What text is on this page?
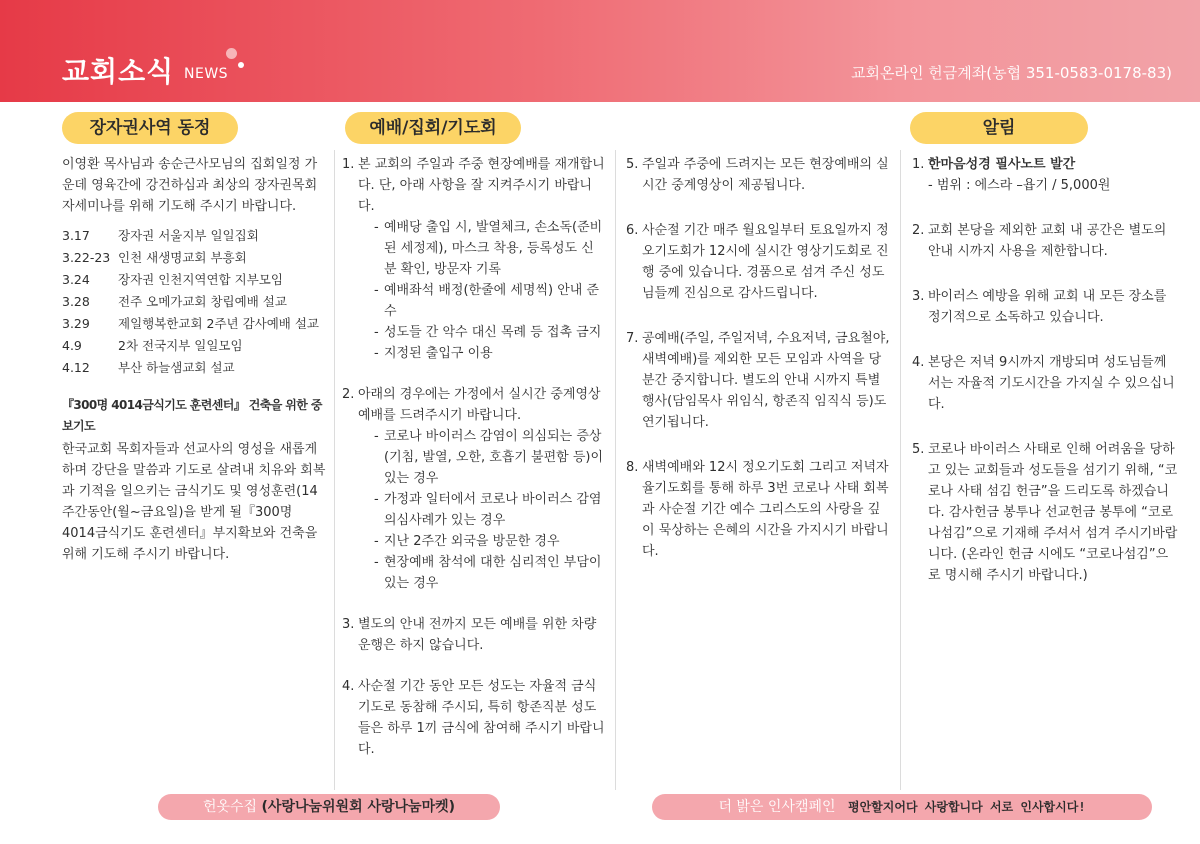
교회소식 NEWS	교회온라인 헌금계좌(농협 351-0583-0178-83)
장자권사역 동정	예배/집회/기도회	알림

이영환 목사님과 송순근사모님의 집회일정 가운데 영육간에 강건하심과 최상의 장자권목회자세미나를 위해 기도해 주시기 바랍니다.

3.17	장자권 서울지부 일일집회
3.22-23 인천 새생명교회 부흥회
3.24	장자권 인천지역연합 지부모임
3.28	전주 오메가교회 창립예배 설교
3.29	제일행복한교회 2주년 감사예배 설교
4.9	2차 전국지부 일일모임
4.12	부산 하늘샘교회 설교
『300명 4014금식기도 훈련센터』 건축을 위한 중보기도

한국교회 목회자들과 선교사의 영성을 새롭게 하며 강단을 말씀과 기도로 살려내 치유와 회복과 기적을 일으키는 금식기도 및 영성훈련(14주간동안(월~금요일)을 받게 될『300명 4014금식기도 훈련센터』부지확보와 건축을 위해 기도해 주시기 바랍니다.

1. 본 교회의 주일과 주중 현장예배를 재개합니다. 단, 아래 사항을 잘 지켜주시기 바랍니다.
- 예배당 출입 시, 발열체크, 손소독(준비된 세정제), 마스크 착용, 등록성도 신분 확인, 방문자 기록
- 예배좌석 배정(한줄에 세명씩) 안내 준수
- 성도들 간 악수 대신 목례 등 접촉 금지
- 지정된 출입구 이용
2. 아래의 경우에는 가정에서 실시간 중계영상예배를 드려주시기 바랍니다.
- 코로나 바이러스 감염이 의심되는 증상(기침, 발열, 오한, 호흡기 불편함 등)이 있는 경우
- 가정과 일터에서 코로나 바이러스 감염 의심사례가 있는 경우
- 지난 2주간 외국을 방문한 경우
- 현장예배 참석에 대한 심리적인 부담이 있는 경우
3. 별도의 안내 전까지 모든 예배를 위한 차량 운행은 하지 않습니다.
4. 사순절 기간 동안 모든 성도는 자율적 금식기도로 동참해 주시되, 특히 항존직분 성도들은 하루 1끼 금식에 참여해 주시기 바랍니다.
5. 주일과 주중에 드려지는 모든 현장예배의 실시간 중계영상이 제공됩니다.
6. 사순절 기간 매주 월요일부터 토요일까지 정오기도회가 12시에 실시간 영상기도회로 진행 중에 있습니다. 경품으로 섬겨 주신 성도님들께 진심으로 감사드립니다.
7. 공예배(주일, 주일저녁, 수요저녁, 금요철야, 새벽예배)를 제외한 모든 모임과 사역을 당분간 중지합니다. 별도의 안내 시까지 특별행사(담임목사 위임식, 항존직 임직식 등)도 연기됩니다.
8. 새벽예배와 12시 정오기도회 그리고 저녁자율기도회를 통해 하루 3번 코로나 사태 회복과 사순절 기간 예수 그리스도의 사랑을 깊이 묵상하는 은혜의 시간을 가지시기 바랍니다.
1. 한마음성경 필사노트 발간
- 범위 : 에스라 –욥기 / 5,000원
2. 교회 본당을 제외한 교회 내 공간은 별도의 안내 시까지 사용을 제한합니다.
3. 바이러스 예방을 위해 교회 내 모든 장소를 정기적으로 소독하고 있습니다.
4. 본당은 저녁 9시까지 개방되며 성도님들께서는 자율적 기도시간을 가지실 수 있으십니다.
5. 코로나 바이러스 사태로 인해 어려움을 당하고 있는 교회들과 성도들을 섬기기 위해, “코로나 사태 섬김 헌금”을 드리도록 하겠습니다. 감사헌금 봉투나 선교헌금 봉투에 “코로나섬김”으로 기재해 주셔서 섬겨 주시기바랍니다. (온라인 헌금 시에도 “코로나섬김”으로 명시해 주시기 바랍니다.)
헌옷수집 (사랑나눔위원회 사랑나눔마켓)	더 밝은 인사캠페인 평안할지어다 사랑합니다 서로 인사합시다!
